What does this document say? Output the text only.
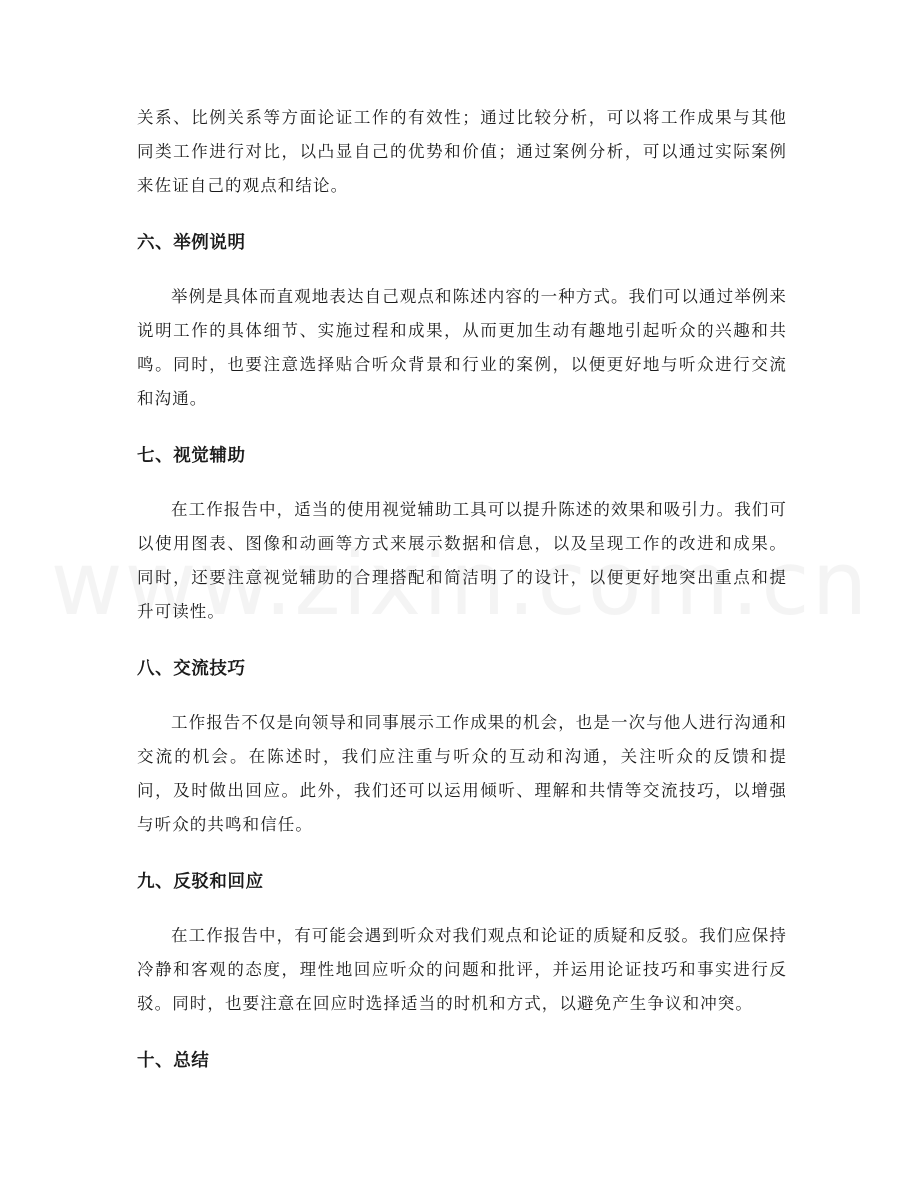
关系、比例关系等方面论证工作的有效性；通过比较分析，可以将工作成果与其他同类工作进行对比，以凸显自己的优势和价值；通过案例分析，可以通过实际案例来佐证自己的观点和结论。

六、举例说明

举例是具体而直观地表达自己观点和陈述内容的一种方式。我们可以通过举例来说明工作的具体细节、实施过程和成果，从而更加生动有趣地引起听众的兴趣和共鸣。同时，也要注意选择贴合听众背景和行业的案例，以便更好地与听众进行交流和沟通。

七、视觉辅助

在工作报告中，适当的使用视觉辅助工具可以提升陈述的效果和吸引力。我们可以使用图表、图像和动画等方式来展示数据和信息，以及呈现工作的改进和成果。同时，还要注意视觉辅助的合理搭配和简洁明了的设计，以便更好地突出重点和提升可读性。

八、交流技巧

工作报告不仅是向领导和同事展示工作成果的机会，也是一次与他人进行沟通和交流的机会。在陈述时，我们应注重与听众的互动和沟通，关注听众的反馈和提问，及时做出回应。此外，我们还可以运用倾听、理解和共情等交流技巧，以增强与听众的共鸣和信任。

九、反驳和回应

在工作报告中，有可能会遇到听众对我们观点和论证的质疑和反驳。我们应保持冷静和客观的态度，理性地回应听众的问题和批评，并运用论证技巧和事实进行反驳。同时，也要注意在回应时选择适当的时机和方式，以避免产生争议和冲突。

十、总结
